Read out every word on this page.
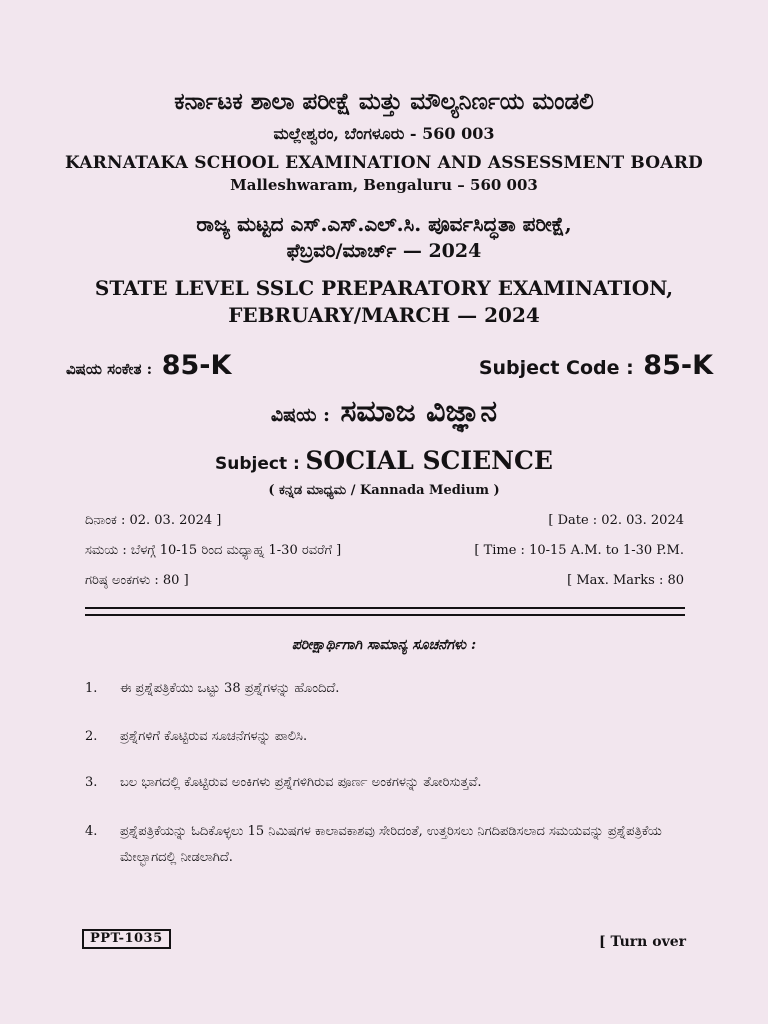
ಕರ್ನಾಟಕ ಶಾಲಾ ಪರೀಕ್ಷೆ ಮತ್ತು ಮೌಲ್ಯನಿರ್ಣಯ ಮಂಡಲಿ
ಮಲ್ಲೇಶ್ವರಂ, ಬೆಂಗಳೂರು - 560 003
KARNATAKA SCHOOL EXAMINATION AND ASSESSMENT BOARD
Malleshwaram, Bengaluru – 560 003
ರಾಜ್ಯ ಮಟ್ಟದ ಎಸ್.ಎಸ್.ಎಲ್.ಸಿ. ಪೂರ್ವಸಿದ್ಧತಾ ಪರೀಕ್ಷೆ,
ಫೆಬ್ರವರಿ/ಮಾರ್ಚ್ — 2024
STATE LEVEL SSLC PREPARATORY EXAMINATION,
FEBRUARY/MARCH — 2024
ವಿಷಯ ಸಂಕೇತ : 85-K	Subject Code : 85-K
ವಿಷಯ : ಸಮಾಜ ವಿಜ್ಞಾನ
Subject : SOCIAL SCIENCE
( ಕನ್ನಡ ಮಾಧ್ಯಮ / Kannada Medium )
ದಿನಾಂಕ : 02. 03. 2024 ]	[ Date : 02. 03. 2024
ಸಮಯ : ಬೆಳಗ್ಗೆ 10-15 ರಿಂದ ಮಧ್ಯಾಹ್ನ 1-30 ರವರೆಗೆ ]	[ Time : 10-15 A.M. to 1-30 P.M.
ಗರಿಷ್ಠ ಅಂಕಗಳು : 80 ]	[ Max. Marks : 80
ಪರೀಕ್ಷಾರ್ಥಿಗಾಗಿ ಸಾಮಾನ್ಯ ಸೂಚನೆಗಳು :
1. ಈ ಪ್ರಶ್ನೆಪತ್ರಿಕೆಯು ಒಟ್ಟು 38 ಪ್ರಶ್ನೆಗಳನ್ನು ಹೊಂದಿದೆ.
2. ಪ್ರಶ್ನೆಗಳಿಗೆ ಕೊಟ್ಟಿರುವ ಸೂಚನೆಗಳನ್ನು ಪಾಲಿಸಿ.
3. ಬಲ ಭಾಗದಲ್ಲಿ ಕೊಟ್ಟಿರುವ ಅಂಕಿಗಳು ಪ್ರಶ್ನೆಗಳಿಗಿರುವ ಪೂರ್ಣ ಅಂಕಗಳನ್ನು ತೋರಿಸುತ್ತವೆ.
4. ಪ್ರಶ್ನೆಪತ್ರಿಕೆಯನ್ನು ಓದಿಕೊಳ್ಳಲು 15 ನಿಮಿಷಗಳ ಕಾಲಾವಕಾಶವು ಸೇರಿದಂತೆ, ಉತ್ತರಿಸಲು ನಿಗದಿಪಡಿಸಲಾದ ಸಮಯವನ್ನು ಪ್ರಶ್ನೆಪತ್ರಿಕೆಯ ಮೇಲ್ಭಾಗದಲ್ಲಿ ನೀಡಲಾಗಿದೆ.
PPT-1035	[ Turn over
